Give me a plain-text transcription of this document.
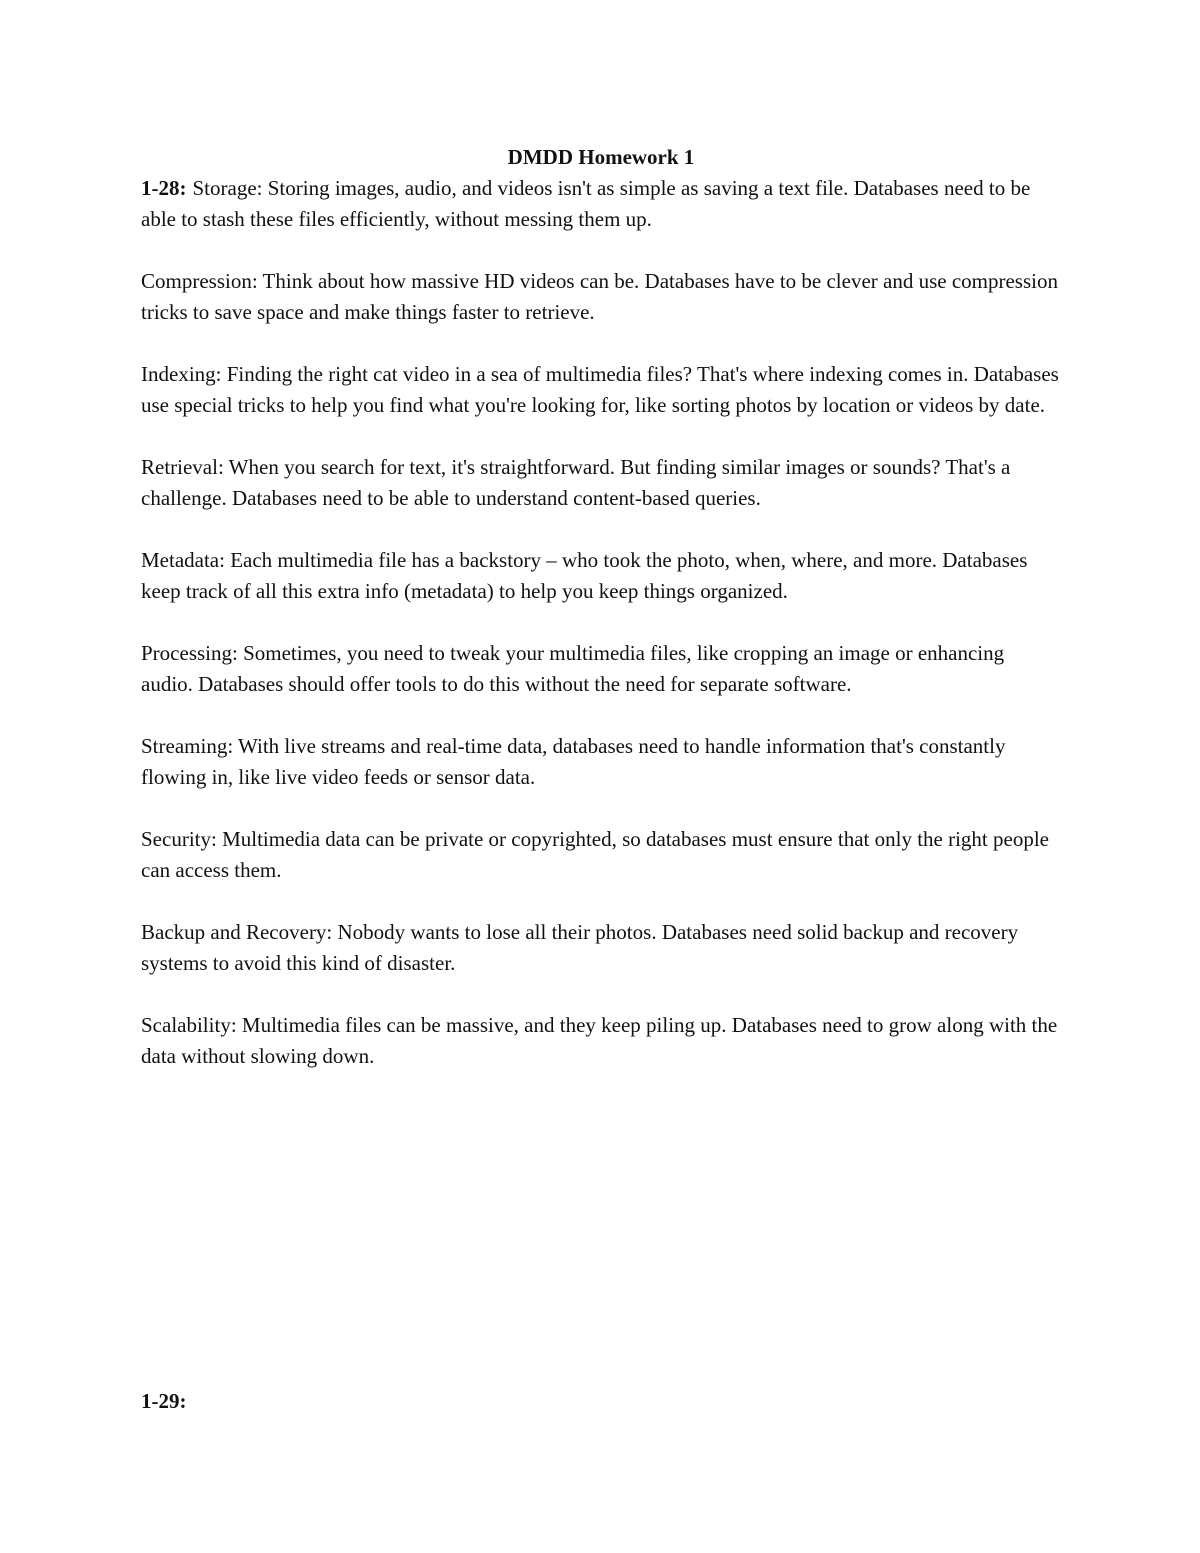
DMDD Homework 1

1-28: Storage: Storing images, audio, and videos isn't as simple as saving a text file. Databases need to be able to stash these files efficiently, without messing them up.

Compression: Think about how massive HD videos can be. Databases have to be clever and use compression tricks to save space and make things faster to retrieve.

Indexing: Finding the right cat video in a sea of multimedia files? That's where indexing comes in. Databases use special tricks to help you find what you're looking for, like sorting photos by location or videos by date.

Retrieval: When you search for text, it's straightforward. But finding similar images or sounds? That's a challenge. Databases need to be able to understand content-based queries.

Metadata: Each multimedia file has a backstory – who took the photo, when, where, and more. Databases keep track of all this extra info (metadata) to help you keep things organized.

Processing: Sometimes, you need to tweak your multimedia files, like cropping an image or enhancing audio. Databases should offer tools to do this without the need for separate software.

Streaming: With live streams and real-time data, databases need to handle information that's constantly flowing in, like live video feeds or sensor data.

Security: Multimedia data can be private or copyrighted, so databases must ensure that only the right people can access them.

Backup and Recovery: Nobody wants to lose all their photos. Databases need solid backup and recovery systems to avoid this kind of disaster.

Scalability: Multimedia files can be massive, and they keep piling up. Databases need to grow along with the data without slowing down.

1-29:
